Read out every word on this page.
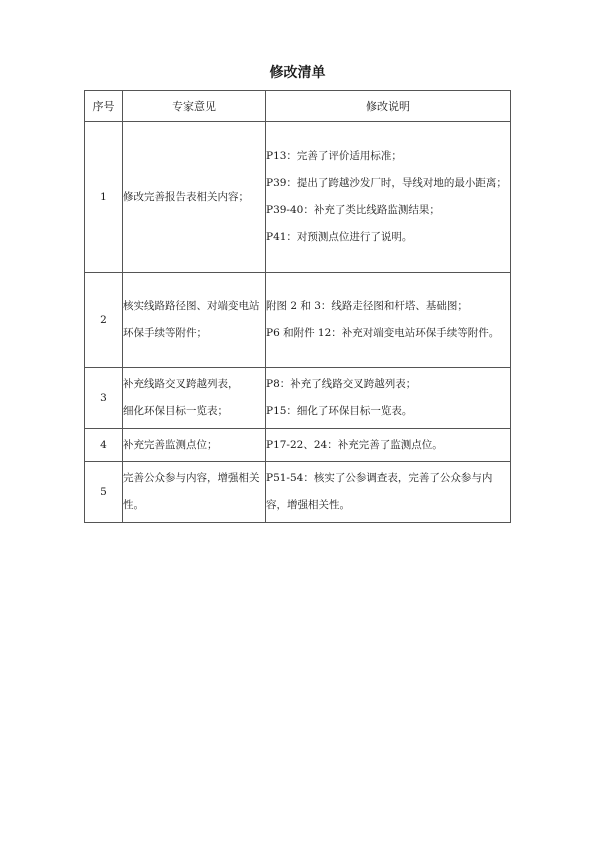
修改清单
序号	专家意见	修改说明
1	修改完善报告表相关内容；	P13：完善了评价适用标准；
P39：提出了跨越沙发厂时，导线对地的最小距离；
P39-40：补充了类比线路监测结果；
P41：对预测点位进行了说明。

2	核实线路路径图、对端变电站环保手续等附件；	附图 2 和 3：线路走径图和杆塔、基础图；
P6 和附件 12：补充对端变电站环保手续等附件。

3	补充线路交叉跨越列表，
细化环保目标一览表；	P8：补充了线路交叉跨越列表；
P15：细化了环保目标一览表。

4	补充完善监测点位；	P17-22、24：补充完善了监测点位。

5	完善公众参与内容，增强相关性。	P51-54：核实了公参调查表，完善了公众参与内容，增强相关性。
